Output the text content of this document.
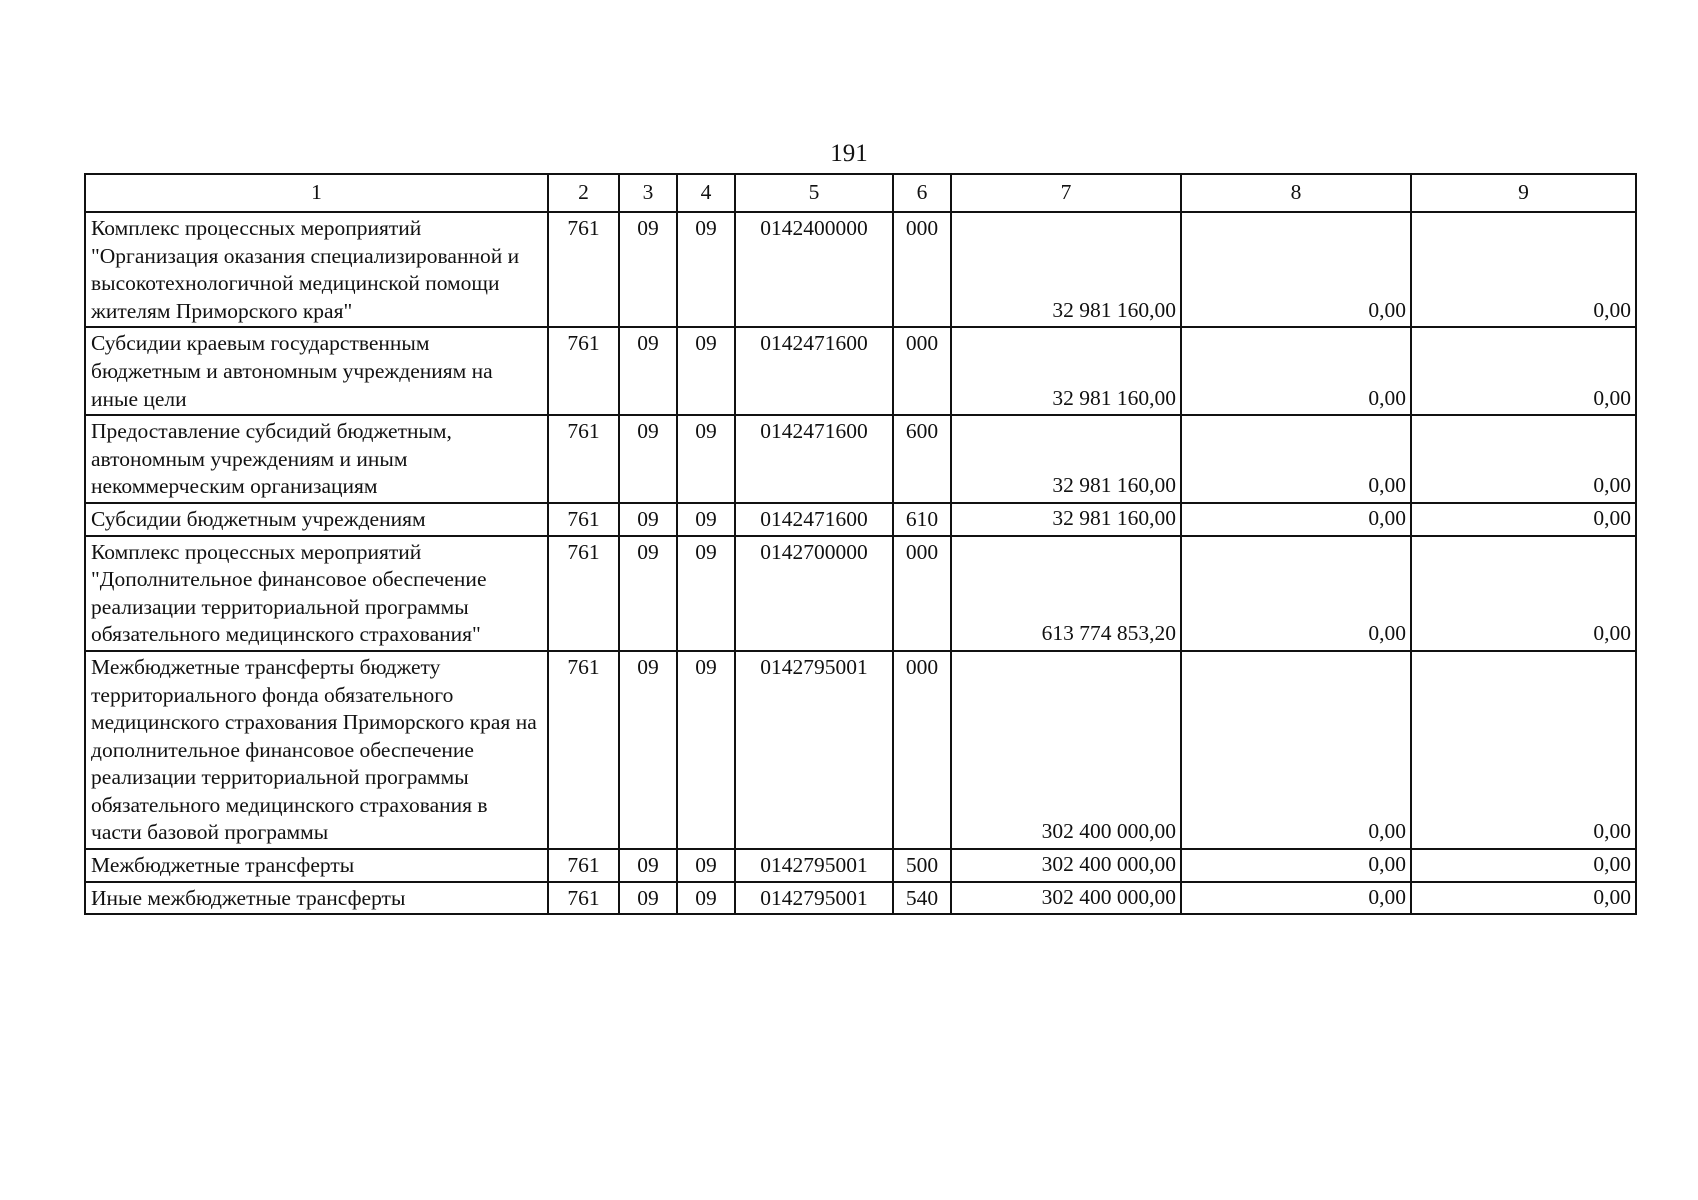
191
1	2	3	4	5	6	7	8	9
Комплекс процессных мероприятий "Организация оказания специализированной и высокотехнологичной медицинской помощи жителям Приморского края"	761	09	09	0142400000	000	32 981 160,00	0,00	0,00
Субсидии краевым государственным бюджетным и автономным учреждениям на иные цели	761	09	09	0142471600	000	32 981 160,00	0,00	0,00
Предоставление субсидий бюджетным, автономным учреждениям и иным некоммерческим организациям	761	09	09	0142471600	600	32 981 160,00	0,00	0,00
Субсидии бюджетным учреждениям	761	09	09	0142471600	610	32 981 160,00	0,00	0,00
Комплекс процессных мероприятий "Дополнительное финансовое обеспечение реализации территориальной программы обязательного медицинского страхования"	761	09	09	0142700000	000	613 774 853,20	0,00	0,00
Межбюджетные трансферты бюджету территориального фонда обязательного медицинского страхования Приморского края на дополнительное финансовое обеспечение реализации территориальной программы обязательного медицинского страхования в части базовой программы	761	09	09	0142795001	000	302 400 000,00	0,00	0,00
Межбюджетные трансферты	761	09	09	0142795001	500	302 400 000,00	0,00	0,00
Иные межбюджетные трансферты	761	09	09	0142795001	540	302 400 000,00	0,00	0,00
